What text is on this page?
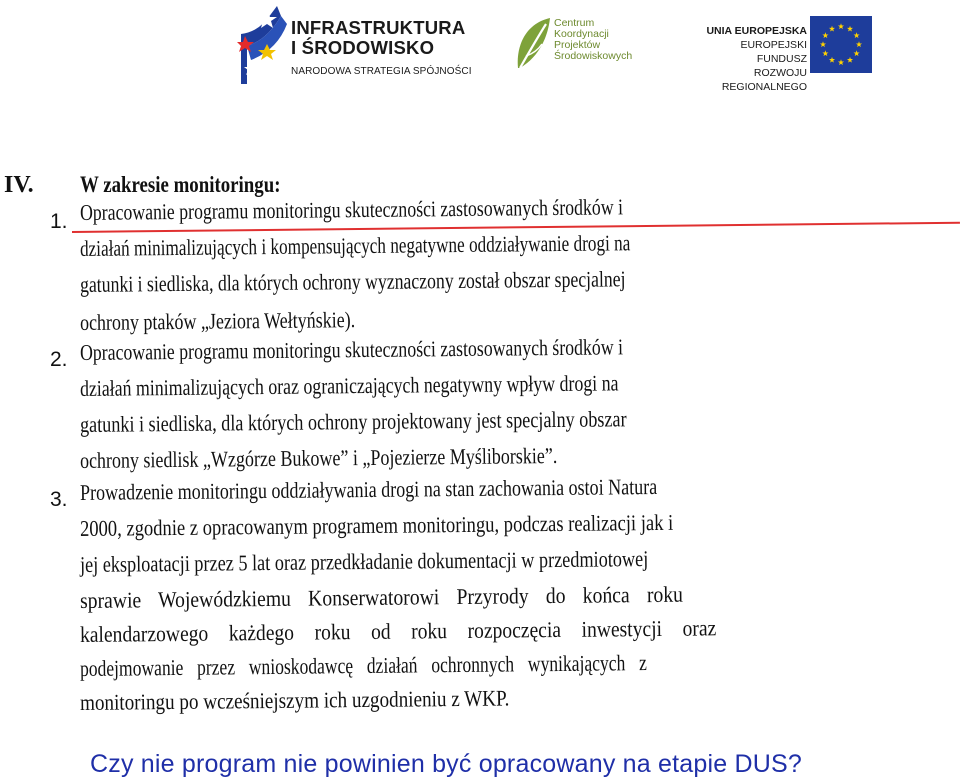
INFRASTRUKTURA
I ŚRODOWISKO
NARODOWA STRATEGIA SPÓJNOŚCI
Centrum
Koordynacji
Projektów
Środowiskowych
UNIA EUROPEJSKA
EUROPEJSKI FUNDUSZ
ROZWOJU REGIONALNEGO
IV. W zakresie monitoringu:
1. Opracowanie programu monitoringu skuteczności zastosowanych środków i
działań minimalizujących i kompensujących negatywne oddziaływanie drogi na
gatunki i siedliska, dla których ochrony wyznaczony został obszar specjalnej
ochrony ptaków „Jeziora Wełtyńskie).
2. Opracowanie programu monitoringu skuteczności zastosowanych środków i
działań minimalizujących oraz ograniczających negatywny wpływ drogi na
gatunki i siedliska, dla których ochrony projektowany jest specjalny obszar
ochrony siedlisk „Wzgórze Bukowe” i „Pojezierze Myśliborskie”.
3. Prowadzenie monitoringu oddziaływania drogi na stan zachowania ostoi Natura
2000, zgodnie z opracowanym programem monitoringu, podczas realizacji jak i
jej eksploatacji przez 5 lat oraz przedkładanie dokumentacji w przedmiotowej
sprawie Wojewódzkiemu Konserwatorowi Przyrody do końca roku
kalendarzowego każdego roku od roku rozpoczęcia inwestycji oraz
podejmowanie przez wnioskodawcę działań ochronnych wynikających z
monitoringu po wcześniejszym ich uzgodnieniu z WKP.
Czy nie program nie powinien być opracowany na etapie DUS?
